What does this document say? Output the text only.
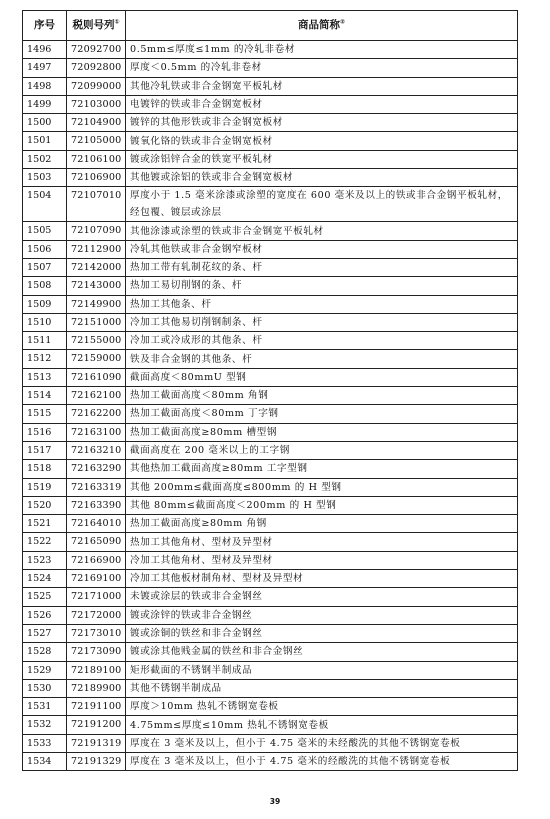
序号	税则号列①	商品简称②
1496	72092700	0.5mm≤厚度≤1mm 的冷轧非卷材
1497	72092800	厚度＜0.5mm 的冷轧非卷材
1498	72099000	其他冷轧铁或非合金钢宽平板轧材
1499	72103000	电镀锌的铁或非合金钢宽板材
1500	72104900	镀锌的其他形铁或非合金钢宽板材
1501	72105000	镀氧化铬的铁或非合金钢宽板材
1502	72106100	镀或涂铝锌合金的铁宽平板轧材
1503	72106900	其他镀或涂铝的铁或非合金钢宽板材
1504	72107010	厚度小于 1.5 毫米涂漆或涂塑的宽度在 600 毫米及以上的铁或非合金钢平板轧材，经包覆、镀层或涂层
1505	72107090	其他涂漆或涂塑的铁或非合金钢宽平板轧材
1506	72112900	冷轧其他铁或非合金钢窄板材
1507	72142000	热加工带有轧制花纹的条、杆
1508	72143000	热加工易切削钢的条、杆
1509	72149900	热加工其他条、杆
1510	72151000	冷加工其他易切削钢制条、杆
1511	72155000	冷加工或冷成形的其他条、杆
1512	72159000	铁及非合金钢的其他条、杆
1513	72161090	截面高度＜80mmU 型钢
1514	72162100	热加工截面高度＜80mm 角钢
1515	72162200	热加工截面高度＜80mm 丁字钢
1516	72163100	热加工截面高度≥80mm 槽型钢
1517	72163210	截面高度在 200 毫米以上的工字钢
1518	72163290	其他热加工截面高度≥80mm 工字型钢
1519	72163319	其他 200mm≤截面高度≤800mm 的 H 型钢
1520	72163390	其他 80mm≤截面高度＜200mm 的 H 型钢
1521	72164010	热加工截面高度≥80mm 角钢
1522	72165090	热加工其他角材、型材及异型材
1523	72166900	冷加工其他角材、型材及异型材
1524	72169100	冷加工其他板材制角材、型材及异型材
1525	72171000	未镀或涂层的铁或非合金钢丝
1526	72172000	镀或涂锌的铁或非合金钢丝
1527	72173010	镀或涂铜的铁丝和非合金钢丝
1528	72173090	镀或涂其他贱金属的铁丝和非合金钢丝
1529	72189100	矩形截面的不锈钢半制成品
1530	72189900	其他不锈钢半制成品
1531	72191100	厚度＞10mm 热轧不锈钢宽卷板
1532	72191200	4.75mm≤厚度≤10mm 热轧不锈钢宽卷板
1533	72191319	厚度在 3 毫米及以上，但小于 4.75 毫米的未经酸洗的其他不锈钢宽卷板
1534	72191329	厚度在 3 毫米及以上，但小于 4.75 毫米的经酸洗的其他不锈钢宽卷板
39
